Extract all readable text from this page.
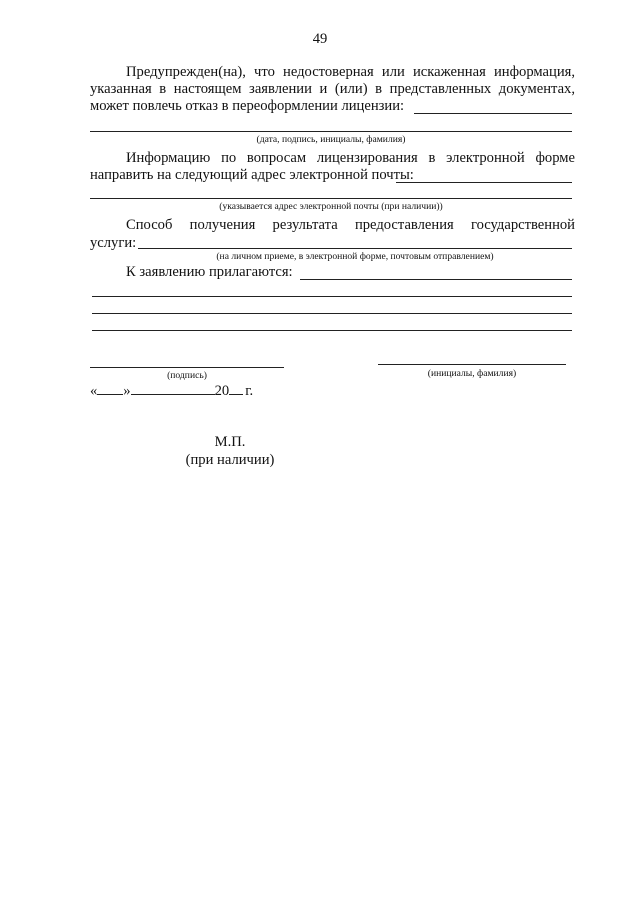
49
Предупрежден(на), что недостоверная или искаженная информация,
указанная в настоящем заявлении и (или) в представленных документах,
может повлечь отказ в переоформлении лицензии:
(дата, подпись, инициалы, фамилия)
Информацию по вопросам лицензирования в электронной форме
направить на следующий адрес электронной почты:
(указывается адрес электронной почты (при наличии))
Способ получения результата предоставления государственной
услуги:
(на личном приеме, в электронной форме, почтовым отправлением)
К заявлению прилагаются:
(подпись)	(инициалы, фамилия)
« »	20 г.
М.П.
(при наличии)
